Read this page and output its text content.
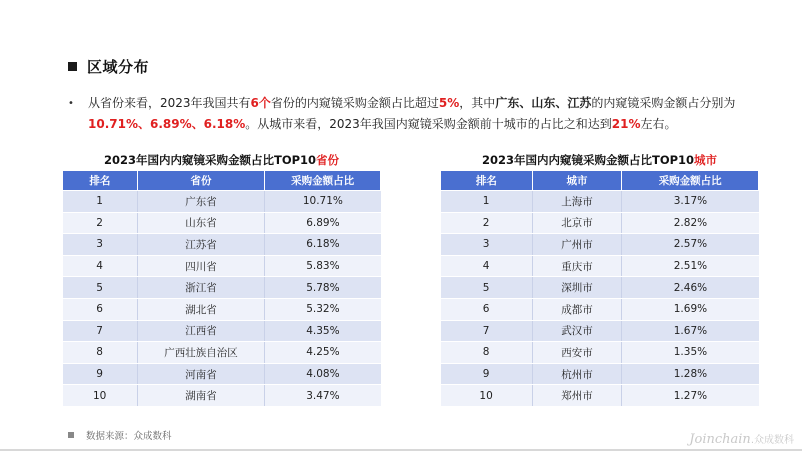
区域分布
• 从省份来看，2023年我国共有6个省份的内窥镜采购金额占比超过5%，其中广东、山东、江苏的内窥镜采购金额占分别为
10.71%、6.89%、6.18%。从城市来看，2023年我国内窥镜采购金额前十城市的占比之和达到21%左右。
2023年国内内窥镜采购金额占比TOP10省份	2023年国内内窥镜采购金额占比TOP10城市
排名	省份	采购金额占比
1	广东省	10.71%
2	山东省	6.89%
3	江苏省	6.18%
4	四川省	5.83%
5	浙江省	5.78%
6	湖北省	5.32%
7	江西省	4.35%
8	广西壮族自治区	4.25%
9	河南省	4.08%
10	湖南省	3.47%
排名	城市	采购金额占比
1	上海市	3.17%
2	北京市	2.82%
3	广州市	2.57%
4	重庆市	2.51%
5	深圳市	2.46%
6	成都市	1.69%
7	武汉市	1.67%
8	西安市	1.35%
9	杭州市	1.28%
10	郑州市	1.27%
数据来源：众成数科	Joinchain.众成数科
